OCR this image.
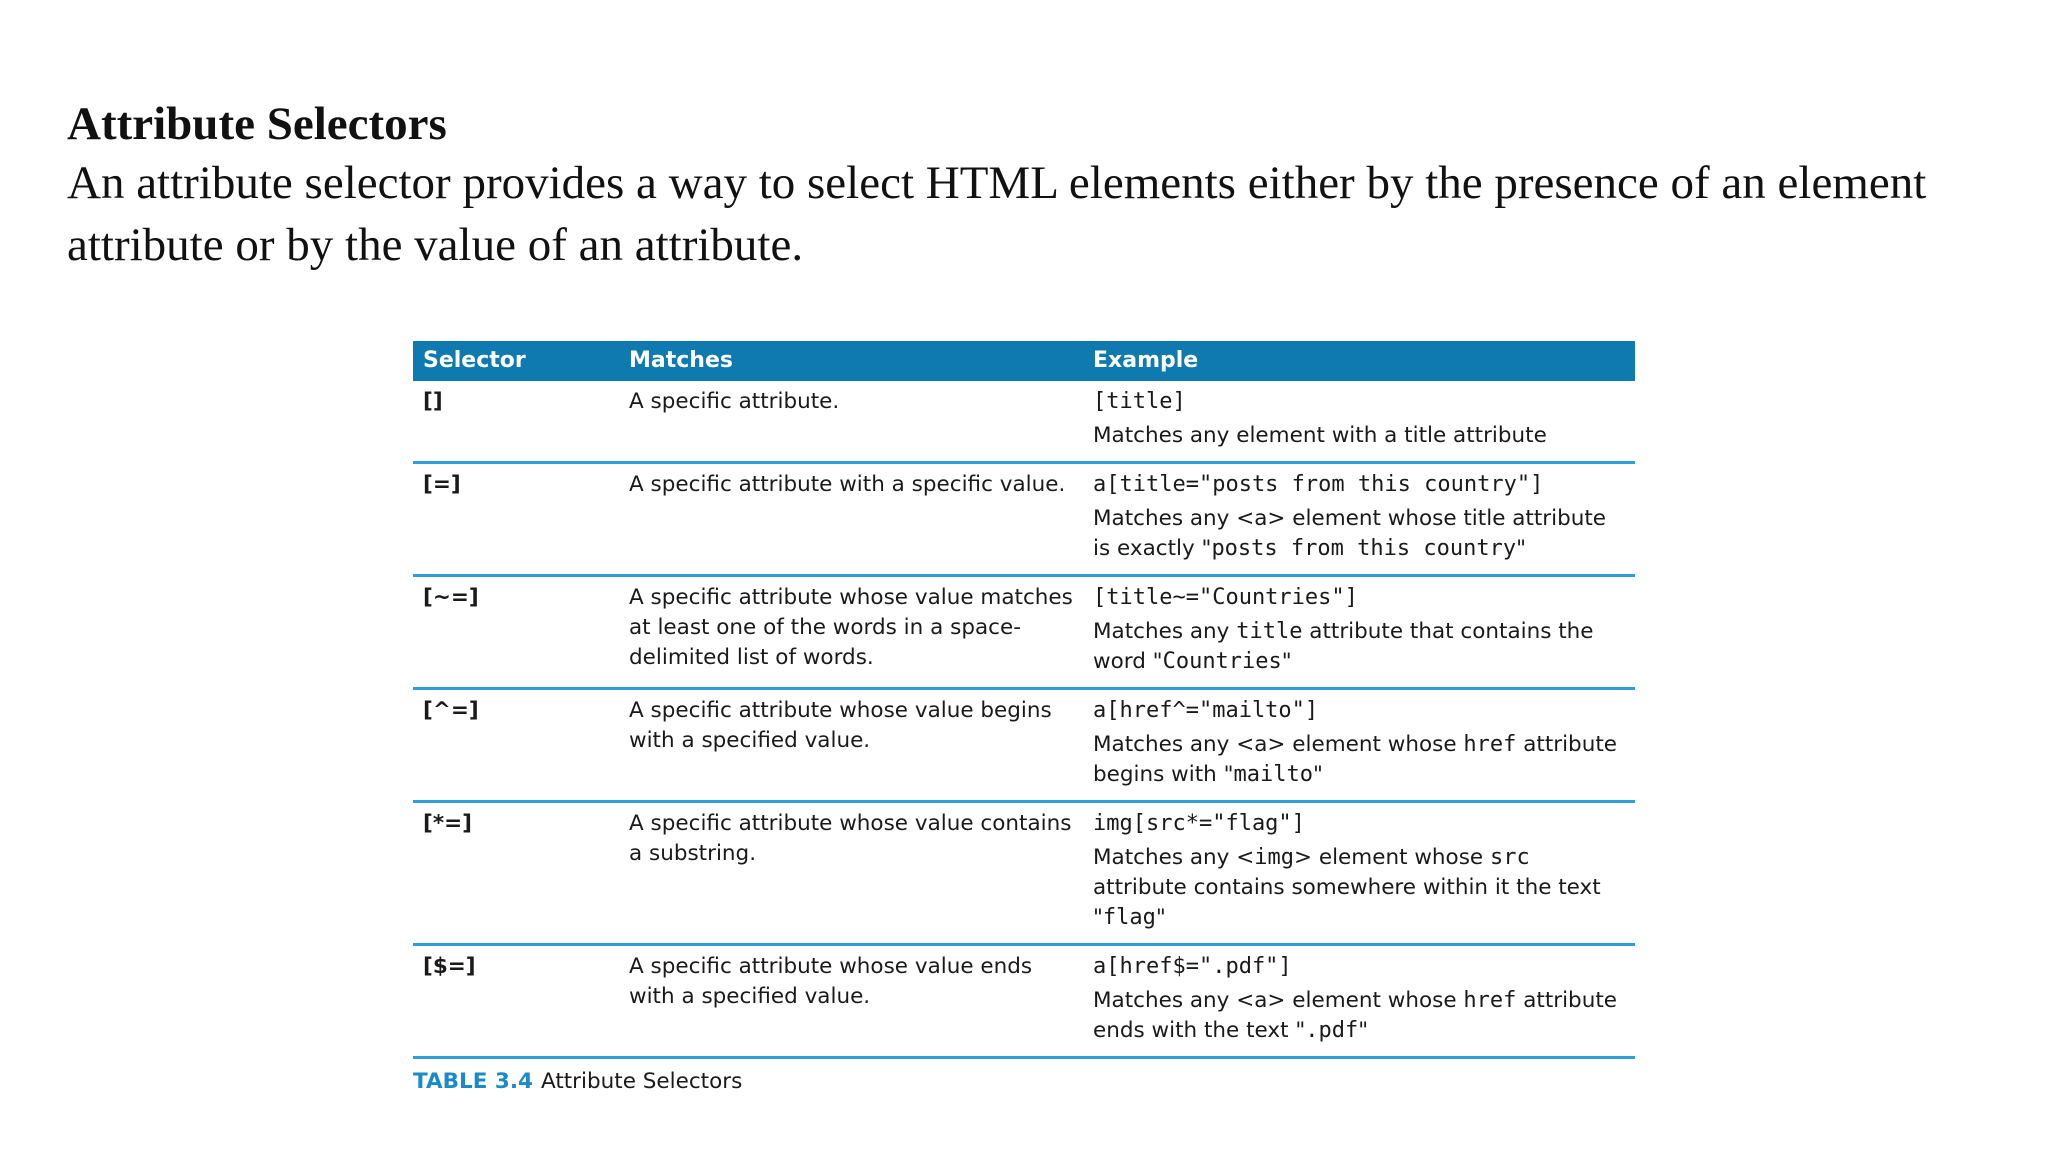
Attribute Selectors

An attribute selector provides a way to select HTML elements either by the presence of an element attribute or by the value of an attribute.

Selector	Matches	Example
[]	A specific attribute.	[title]
Matches any element with a title attribute

[=]	A specific attribute with a specific value.	a[title="posts from this country"]
Matches any <a> element whose title attribute is exactly "posts from this country"

[~=]	A specific attribute whose value matches at least one of the words in a space-delimited list of words.	[title~="Countries"]
Matches any title attribute that contains the word "Countries"

[^=]	A specific attribute whose value begins with a specified value.	a[href^="mailto"]
Matches any <a> element whose href attribute begins with "mailto"

[*=]	A specific attribute whose value contains a substring.	img[src*="flag"]
Matches any <img> element whose src attribute contains somewhere within it the text "flag"

[$=]	A specific attribute whose value ends with a specified value.	a[href$=".pdf"]
Matches any <a> element whose href attribute ends with the text ".pdf"
TABLE 3.4 Attribute Selectors
